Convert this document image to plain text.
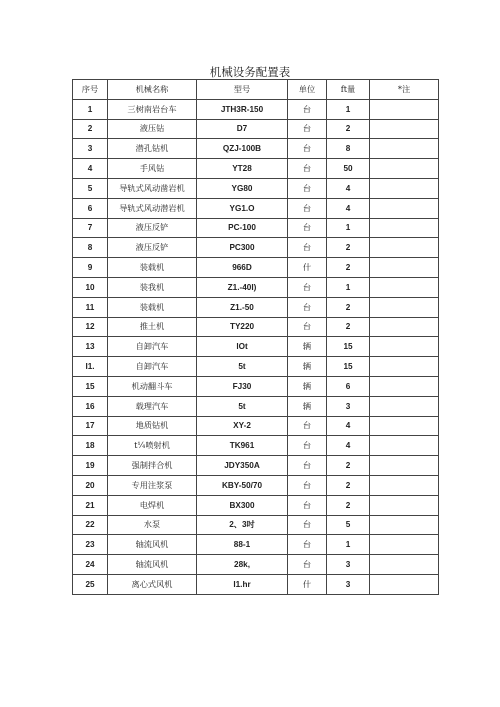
机械设务配置表
序号	机械名称	型号	单位	ft量	*注
1	三树南岩台车	JTH3R-150	台	1	
2	液压钻	D7	台	2	
3	潜孔钻机	QZJ-100B	台	8	
4	手风钻	YT28	台	50	
5	导轨式风动凿岩机	YG80	台	4	
6	导轨式风动潜岩机	YG1.O	台	4	
7	液压反铲	PC-100	台	1	
8	液压反铲	PC300	台	2	
9	装载机	966D	什	2	
10	装我机	Z1.-40I)	台	1	
11	装载机	Z1.-50	台	2	
12	推土机	TY220	台	2	
13	自卸汽车	lOt	辆	15	
I1.	自卸汽车	5t	辆	15	
15	机动翻斗车	FJ30	辆	6	
16	载理汽车	5t	辆	3	
17	地质钻机	XY-2	台	4	
18	t¼喷射机	TK961	台	4	
19	强制拌合机	JDY350A	台	2	
20	专用注浆泵	KBY-50/70	台	2	
21	电焊机	BX300	台	2	
22	水泵	2、3吋	台	5	
23	轴流风机	88-1	台	1	
24	轴流风机	28k,	台	3	
25	离心式风机	I1.hr	什	3	
